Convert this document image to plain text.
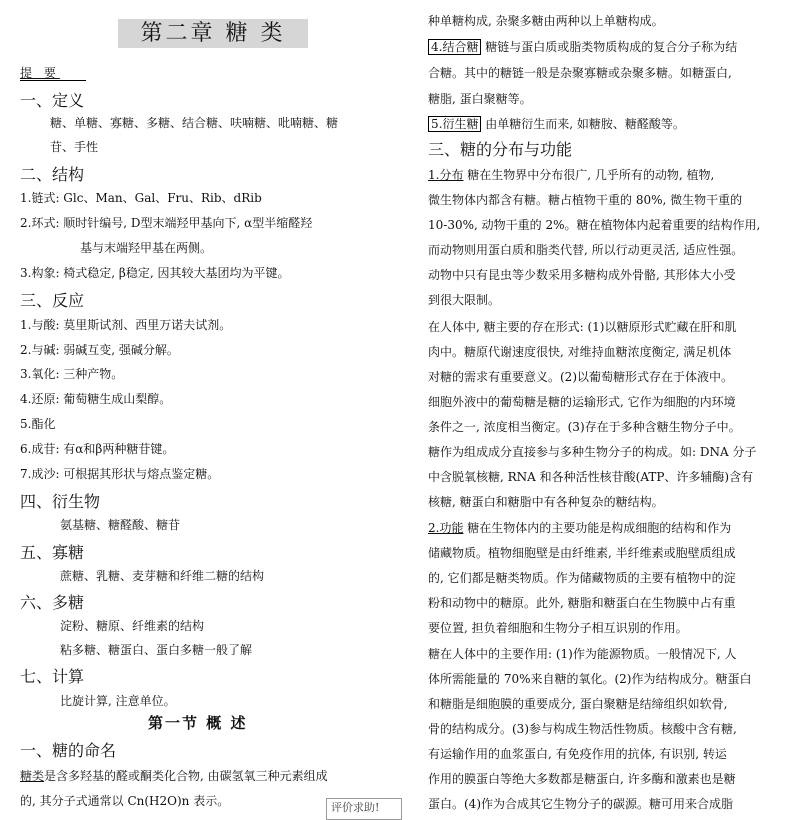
第二章 糖 类
提 要
一、定义
糖、单糖、寡糖、多糖、结合糖、呋喃糖、吡喃糖、糖
苷、手性
二、结构
1.链式: Glc、Man、Gal、Fru、Rib、dRib
2.环式: 顺时针编号, D型末端羟甲基向下, α型半缩醛羟
基与末端羟甲基在两侧。
3.构象: 椅式稳定, β稳定, 因其较大基团均为平键。
三、反应
1.与酸: 莫里斯试剂、西里万诺夫试剂。
2.与碱: 弱碱互变, 强碱分解。
3.氧化: 三种产物。
4.还原: 葡萄糖生成山梨醇。
5.酯化
6.成苷: 有α和β两种糖苷键。
7.成沙: 可根据其形状与熔点鉴定糖。
四、衍生物
氨基糖、糖醛酸、糖苷
五、寡糖
蔗糖、乳糖、麦芽糖和纤维二糖的结构
六、多糖
淀粉、糖原、纤维素的结构
粘多糖、糖蛋白、蛋白多糖一般了解
七、计算
比旋计算, 注意单位。
第一节 概 述
一、糖的命名
糖类是含多羟基的醛或酮类化合物, 由碳氢氧三种元素组成
的, 其分子式通常以 Cn(H2O)n 表示。	评价求助!
种单糖构成, 杂聚多糖由两种以上单糖构成。
4.结合糖 糖链与蛋白质或脂类物质构成的复合分子称为结
合糖。其中的糖链一般是杂聚寡糖或杂聚多糖。如糖蛋白,
糖脂, 蛋白聚糖等。
5.衍生糖 由单糖衍生而来, 如糖胺、糖醛酸等。
三、糖的分布与功能
1.分布 糖在生物界中分布很广, 几乎所有的动物, 植物,
微生物体内都含有糖。糖占植物干重的 80%, 微生物干重的
10-30%, 动物干重的 2%。糖在植物体内起着重要的结构作用,
而动物则用蛋白质和脂类代替, 所以行动更灵活, 适应性强。
动物中只有昆虫等少数采用多糖构成外骨骼, 其形体大小受
到很大限制。
在人体中, 糖主要的存在形式: (1)以糖原形式贮藏在肝和肌
肉中。糖原代谢速度很快, 对维持血糖浓度衡定, 满足机体
对糖的需求有重要意义。(2)以葡萄糖形式存在于体液中。
细胞外液中的葡萄糖是糖的运输形式, 它作为细胞的内环境
条件之一, 浓度相当衡定。(3)存在于多种含糖生物分子中。
糖作为组成成分直接参与多种生物分子的构成。如: DNA 分子
中含脱氧核糖, RNA 和各种活性核苷酸(ATP、许多辅酶)含有
核糖, 糖蛋白和糖脂中有各种复杂的糖结构。
2.功能 糖在生物体内的主要功能是构成细胞的结构和作为
储藏物质。植物细胞壁是由纤维素, 半纤维素或胞壁质组成
的, 它们都是糖类物质。作为储藏物质的主要有植物中的淀
粉和动物中的糖原。此外, 糖脂和糖蛋白在生物膜中占有重
要位置, 担负着细胞和生物分子相互识别的作用。
糖在人体中的主要作用: (1)作为能源物质。一般情况下, 人
体所需能量的 70%来自糖的氧化。(2)作为结构成分。糖蛋白
和糖脂是细胞膜的重要成分, 蛋白聚糖是结缔组织如软骨,
骨的结构成分。(3)参与构成生物活性物质。核酸中含有糖,
有运输作用的血浆蛋白, 有免疫作用的抗体, 有识别, 转运
作用的膜蛋白等绝大多数都是糖蛋白, 许多酶和激素也是糖
蛋白。(4)作为合成其它生物分子的碳源。糖可用来合成脂
